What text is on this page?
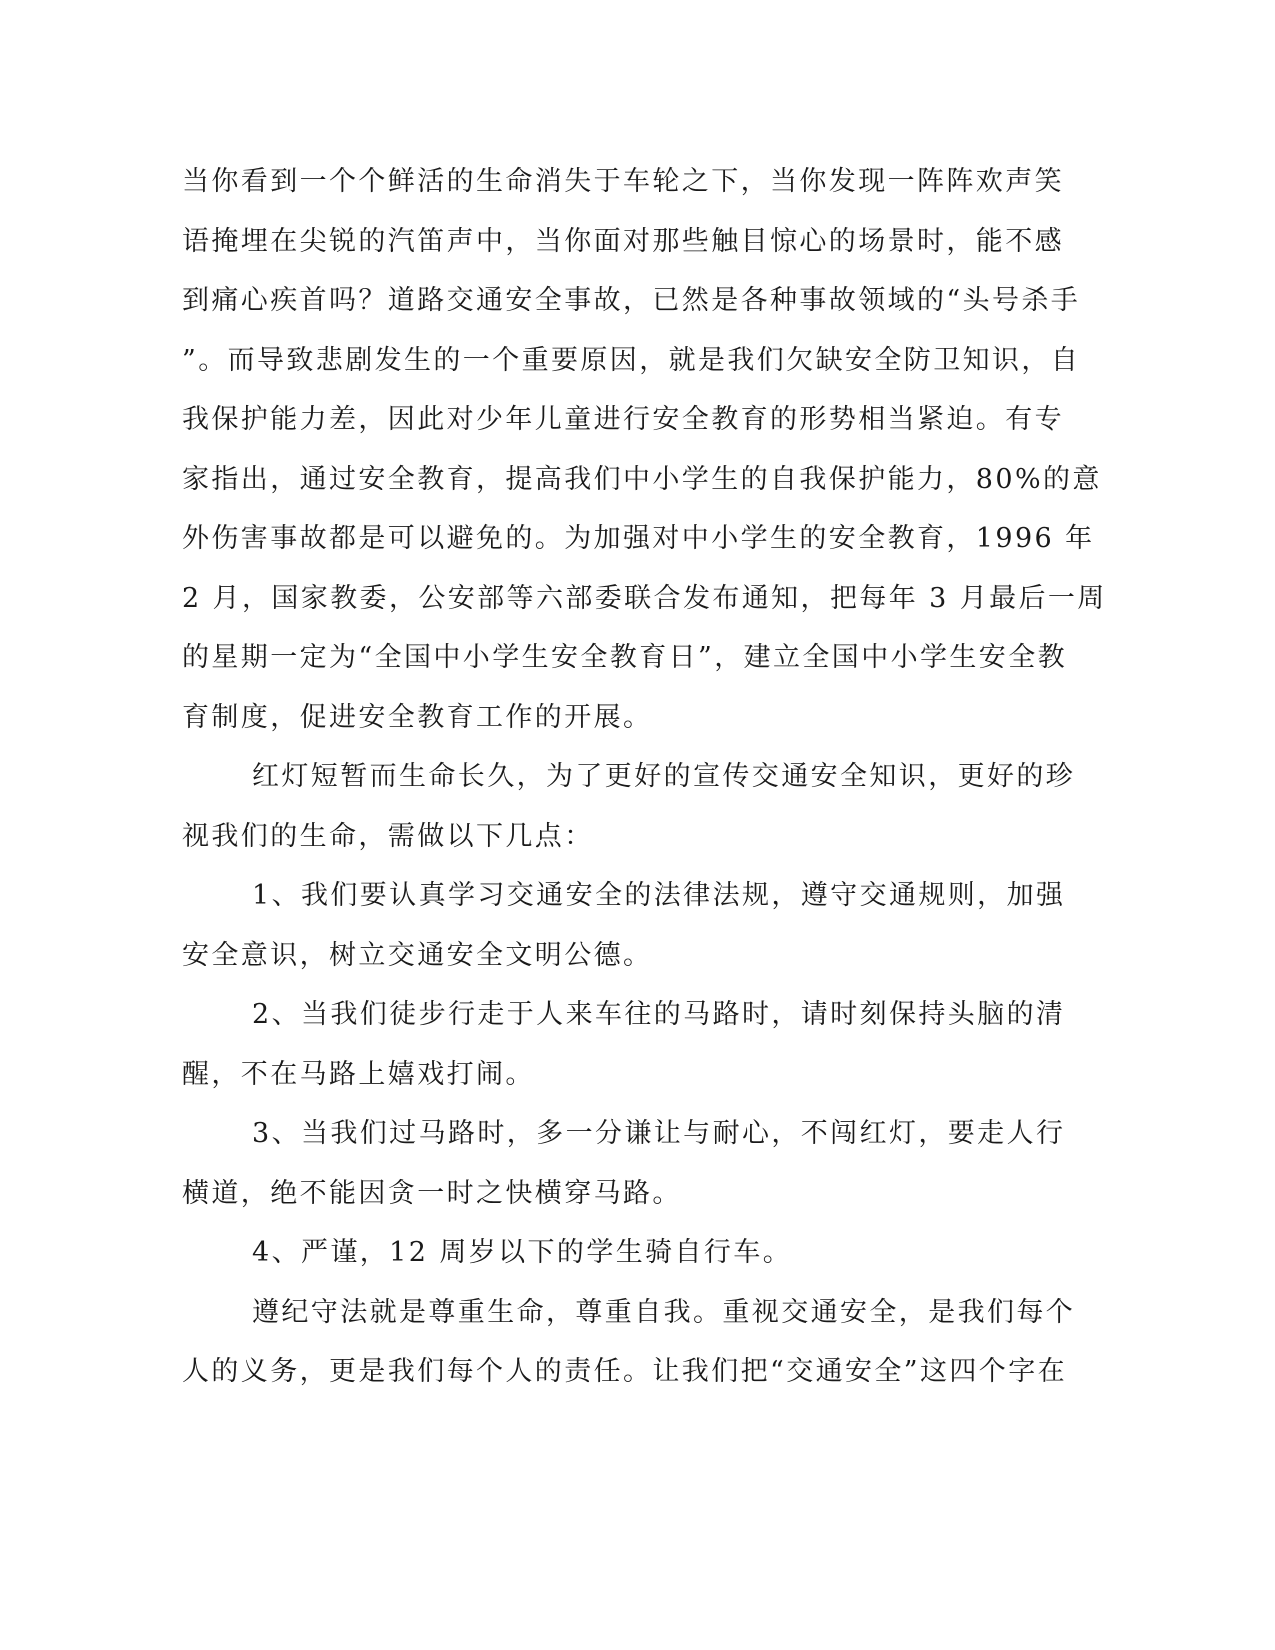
当你看到一个个鲜活的生命消失于车轮之下，当你发现一阵阵欢声笑
语掩埋在尖锐的汽笛声中，当你面对那些触目惊心的场景时，能不感
到痛心疾首吗？道路交通安全事故，已然是各种事故领域的“头号杀手
”。而导致悲剧发生的一个重要原因，就是我们欠缺安全防卫知识，自
我保护能力差，因此对少年儿童进行安全教育的形势相当紧迫。有专
家指出，通过安全教育，提高我们中小学生的自我保护能力，80%的意
外伤害事故都是可以避免的。为加强对中小学生的安全教育，1996 年
2 月，国家教委，公安部等六部委联合发布通知，把每年 3 月最后一周
的星期一定为“全国中小学生安全教育日”，建立全国中小学生安全教
育制度，促进安全教育工作的开展。
红灯短暂而生命长久，为了更好的宣传交通安全知识，更好的珍
视我们的生命，需做以下几点：
1、我们要认真学习交通安全的法律法规，遵守交通规则，加强
安全意识，树立交通安全文明公德。
2、当我们徒步行走于人来车往的马路时，请时刻保持头脑的清
醒，不在马路上嬉戏打闹。
3、当我们过马路时，多一分谦让与耐心，不闯红灯，要走人行
横道，绝不能因贪一时之快横穿马路。
4、严谨，12 周岁以下的学生骑自行车。
遵纪守法就是尊重生命，尊重自我。重视交通安全，是我们每个
人的义务，更是我们每个人的责任。让我们把“交通安全”这四个字在
